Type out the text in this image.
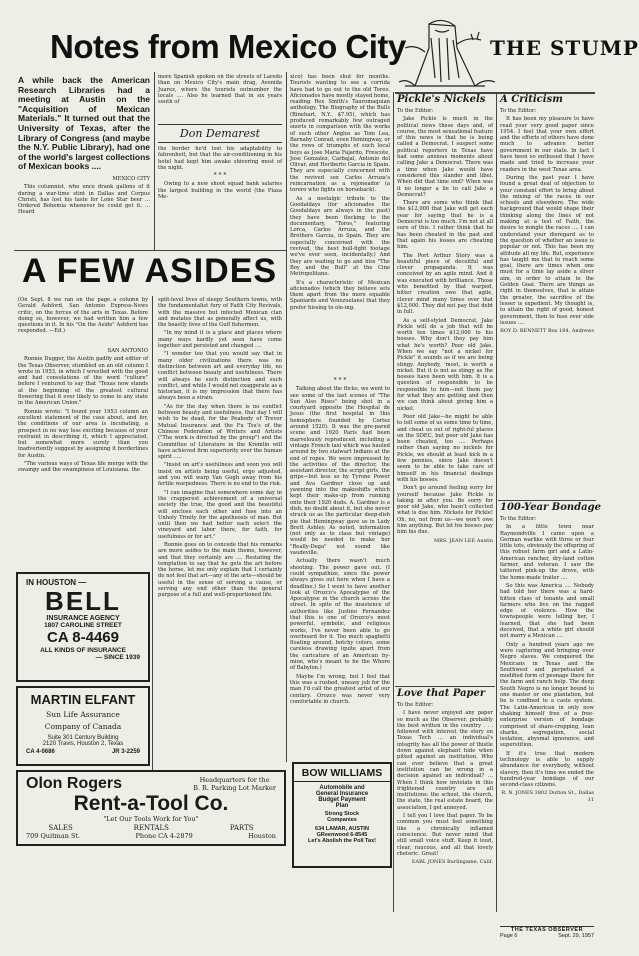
Notes from Mexico City
A while back the American Research Libraries had a meeting at Austin on the "Acquisition of Mexican Materials." It turned out that the University of Texas, after the Library of Congress (and maybe the N.Y. Public Library), had one of the world's largest collections of Mexican books ....

MEXICO CITY

This columnist, who once drank gallons of it during a war-time stint in Dallas and Corpus Christi, has lost his taste for Lone Star beer ... Ordered Bohemia whenever he could get it. ... Heard

more Spanish spoken on the streets of Laredo than on Mexico City's main drag, Avenida Juarez, where the tourists outnumber the locals .... Also he learned that in six years south of

Don Demarest

the border he'd lost his adaptability to fahrenheit, but that the air-conditioning in his hotel had kept him awake shivering most of the night.

* * *

Owing to a new shoot squad bank salaries the largest building in the world (the Plaza Me-

xico) has been shut for months. Tourists wanting to see a corrida have had to go out to the old Toreo. Aficionados have mostly stayed home, reading Rex Smith's Tauromaquian anthology, The Biography of the Bulls (Rinehart, N.Y., $7.95), which has produced remarkably few outraged snorts in comparison with the works of such other Anglos as Tom Lea, Barnaby Conrad, even Hemingway, or the rows of triumphs of such local boys as Jose Maria Fajardo, Frescote, Jose Gonzalez, Carbajal, Antonio del Olivar, and Heriberto Garcia in Spain. They are especially concerned with the revived sex Carlos Arruza's reincarnation as a rejoneador (a torero who fights on horseback).

As a nostalgic tribute to the Goodaldays (for aficionados the Goodaldays are always in the past) they have been flocking to the documentary, "Toros," featuring Lorca, Carlos Arruza, and the Brothers Garcia, in Spain. They are especially concerned with the revived, the best bull-fight footage we've ever seen, incidentally.) And they are waiting to go and hiss "The Boy and the Bull" at the Cine Metropolitano.

It's a characteristic of Mexican aficionados (which they believe sets them apart from the more equable Spaniards and Venezuelans) that they prefer hissing to ole-ing.

* * *

Talking about the flicks, we went to see some of the last scenes of "The Sun Also Rises" being shot in a courtyard opposite the Hospital de Jesus (the first hospital in this hemisphere founded by Cortez around 1520). It was the pre-pared scene and 1920 Paris had been marvelously reproduced, including a vintage French taxi which was hauled around by two stalwart Indians at the end of ropes. We were impressed by the activities of the director, the assistant director, the script girls, the grips—but less so by Tyrone Power and Ava Gardner close up and yawning into the makeshifts which kept their make-up from running onto their 1920 duds. A. Gardner is a dish, no doubt about it, but she never struck us as the particular deep-dish pie that Hemingway gave us in Lady Brett Ashley. As noted, information (not only as to class but vintage) would be needed to make her "Really-Dega" not sound like vaudeville.

Actually there wasn't much shooting. The power gave out. (I could sympathize, since the power always gives out here when I have a deadline.) So I went to have another look at Orozco's Apocalypse of the Apocalypse in the church across the street. In spite of the insistence of authorities like Justino Fernandez that this is one of Orozco's most powerful, symbolic, and religious works, I've never been able to go overboard for it. Too much spaghetti floating around, botchy colors, some careless drawing (quite apart from the caricature of an American by-mine, who's meant to be the Whore of Babylon.)

Maybe I'm wrong, but I feel that this was a rushed, uneasy job for the man I'd call the greatest artist of our century. Orozco was never very comfortable in church.

A FEW ASIDES

(On Sept. 8 we ran on the page a column by Gerald Ashford, San Antonio Express-News critic, on the forces of the arts in Texas. Before doing so, however, we had written him a few questions in it. In his "On the Aside" Ashford has responded. —Ed.)

SAN ANTONIO

Ronnie Dugger, the Austin gadfly and editor of the Texas Observer, stumbled on an old column I wrote in 1953, in which I wrestled with the good and bad consolations of the word "culture" before I ventured to say that "Texas now stands at the beginning of the greatest cultural flowering that it ever likely to come to any state in the American Union."

Ronnie wrote: "I found your 1953 column an excellent statement of the case about, and for, the conditions of our area is incubating, a prospect in no way less exciting because of your restraint in describing it, which I appreciated, but somewhat more surely than you inadvertently suggest by assigning it borderlines for Austin.

"The various ways of Texas life merge with the swampy and the swampiness of Louisiana. the

spilt-level lives of sleepy Southern towns, with the fundamentalist fury of Faith City Revivals, with the massive but infected Mexican clan and mutates that as generally affect us, with the beastly lives of the Gulf fishermen.

"In my mind it is a place and places where many ways hardly yet seen have come together and persisted and changed ....

"I wonder too that you would say that in many older civilizations there was no distinction between art and everyday life, no conflict between beauty and usefulness. There will always be such distinction and such conflict, and while I would not exaggerate as a historian, it is my impression that there has always been a strain.

"As for the day when there is no conflict between beauty and usefulness, that day I will wish to be dead, for the Peabody of Trevor Mutual Insurance and the Fu Tsu's of the Chinese Federation of Writers and Artists ("The work is directed by the group") and the Committee of Literature in the Kremlin will have achieved firm superiority over the human spirit .....

"Insist on art's usefulness and soon you will insist on artists being useful, ergo adjusted, and you will warp Van Gogh away from his fertile warpedness. There is no end to the risk.

"I can imagine that somewhere some day in the crapperest achievement of a universal society the true, the good and the beautiful will enclose each other and fuse into an Unholy Trinity for the apotheosis of man. But until then we had better each select the vineyard and labor there, for faith, for usefulness or for art."

Ronnie goes on to concede that his remarks are more asides to the main theme, however, and that they certainly are .... Restating the temptation to say that he gets the art before the horse, let me only explain that I certainly do not feel that art—any of the arts—should be useful in the sense of serving a cause, or serving any end other than the general purpose of a full and well-proportioned life.

IN HOUSTON —
BELL
INSURANCE AGENCY
1807 CAROLINE STREET
CA 8-4469
ALL KINDS OF INSURANCE
— SINCE 1939
MARTIN ELFANT
Sun Life Assurance
Company of Canada
Suite 301 Century Building
2120 Travis, Houston 2, Texas
CA 4-0686	JR 3-2259
Olon Rogers	Headquarters for the
B. R. Parking Lot Marker
Rent-a-Tool Co.
"Let Our Tools Work for You"
SALES	RENTALS	PARTS
709 Quitman St.	Phone CA 4-2879	Houston
BOW WILLIAMS
Automobile and
General Insurance
Budget Payment
Plan
Strong Stock
Companies
634 LAMAR, AUSTIN
GReenwood 6-8545
Let's Abolish the Poll Tax!
THE STUMP
Pickle's Nickels

To the Editor:

Jake Pickle is much in the political news these days and, of course, the most sensational feature of this news is that he is being called a Democrat. I suspect some political reporters in Texas have had some anxious moments about calling Jake a Democrat. There was a time when Jake would have considered this slander and libel. When did that time end? When was it no longer a lie to call Jake a Democrat?

There are some who think that the $12,000 that Jake will get each year for saying that he is a Democrat is too much. I'm not at all sure of this. I rather think that he has been cheated in the past and that again his losses are cheating him.

The Port Arthur Story was a beautiful piece of deceitful and clever propaganda. It was conceived by an agile mind. And it was executed with brilliance. Those who benefited by that warped, bitter creation owe that agile, clever mind many times over that $12,000. They did not pay that debt in full.

As a self-styled Democrat, Jake Pickle will do a job that will be worth ten times $12,000 to his bosses. Why don't they pay him what he's worth? Poor old Jake. When we say "not a nickel for Pickle" it sounds as if we are being stingy. Anybody, 'most, is worth a nickel. But it is not as stingy as the bosses have been with him. It is a question of responsible to be responsible to him—not them pay for what they are getting and then we can think about giving him a nickel.

Poor old Jake—he might be able to tell some of us some time to time, and cheat us out of right-ful places on the SDEC, but poor old Jake has been cheated, too .... Perhaps rather than saying no nickels for Pickle, we should at least kick in a few pennies, since Jake doesn't seem to be able to take care of himself in his financial dealings with his bosses.

Don't go around feeling sorry for yourself because Jake Pickle is taking in after you. Be sorry for poor old Jake, who hasn't collected what is due him. Nickels for Pickle! Oh, no, not from us—we won't owe him anything. But let his bosses pay him his due.

MRS. JEAN LEE Austin
Love that Paper

To the Editor:

I have never enjoyed any paper so much as the Observer, probably the best written in the country . . . followed with interest the story on Texas Tech ... an individual's integrity has all the power of thistle down against elephant hide when pitted against an institution. Who can ever believe that a great institution can be wrong in a decision against an individual? ... When I think how inviolate in this frightened country are all institutions: the school, the church, the state, the real estate board, the association, I get annoyed.

I tell you I love that paper. To be common you must feel something like a chronically inflamed conscience. But never mind that still small voice stuff. Keep it loud, clear, raucous, and all that lovely rhetoric. Great!

EARL JONES Burlingame, Calif.
A Criticism

To the Editor:

It has been my pleasure to have read your very good paper since 1954. I feel that your own effort and the efforts of others have done much to advance better government in our state. In fact I have been so enthused that I have made and tried to increase your readers in the west Texas area.

During the past year I have found a great deal of objection to your constant effort to bring about the mixing of the races in our schools and elsewhere. The wide background that would shape their thinking along the lines of not making at a test of Faith, the desire to mingle the races .... I can understand your disregard as to the question of whether an issue is popular or not. This has been my attitude all my life. But, experience has taught me that to reach some goal, there are times when one must for a time lay aside a sliver aim, in order to attain to the Golden Goal. There are things as right in themselves, that is attain the greater, the sacrifice of the lesser is expedient. My thought is, to attain the right of good, honest government, then to fuse over side issues ....

ROY D. BENNETT Box 164, Andrews
100-Year Bondage

To the Editor:

In a little town near Raymondville I came upon a German warlike with three or four little tots, obviously the offspring of this robust farm girl and a Latin-American rancher, dry-land cotton farmer, and veteran. I saw the tattered pink-up the drove, with the home-made trailer ....

So this was America .... Nobody had told her there was a hard-bitten class of tenants and small farmers who live on the ragged edge of violence. How the townspeople were telling her, I learned, that she had been deceived, that a white girl should not marry a Mexican ....

Only a hundred years ago we were capturing and bringing over Negro slaves. We conquered the Mexicans in Texas and the Southwest and perpetuated a modified form of peonage there for the farm and ranch help. The deep South Negro is no longer bound to one master or one plantation, but he is confined to a caste system. The Latin-American in only now shaking himself free of a free-enterprise version of bondage comprised of share-cropping, loan sharks, segregation, social isolation, abysmal ignorance, and superstition.

If it's true that modern technology is able to supply abundance for everybody, without slavery, then it's time we ended the hundred-year bondage of our second-class citizens.

R. N. JONES 3802 Dutton St., Dallas 11
THE TEXAS OBSERVER
Page 6	Sept. 29, 1957
